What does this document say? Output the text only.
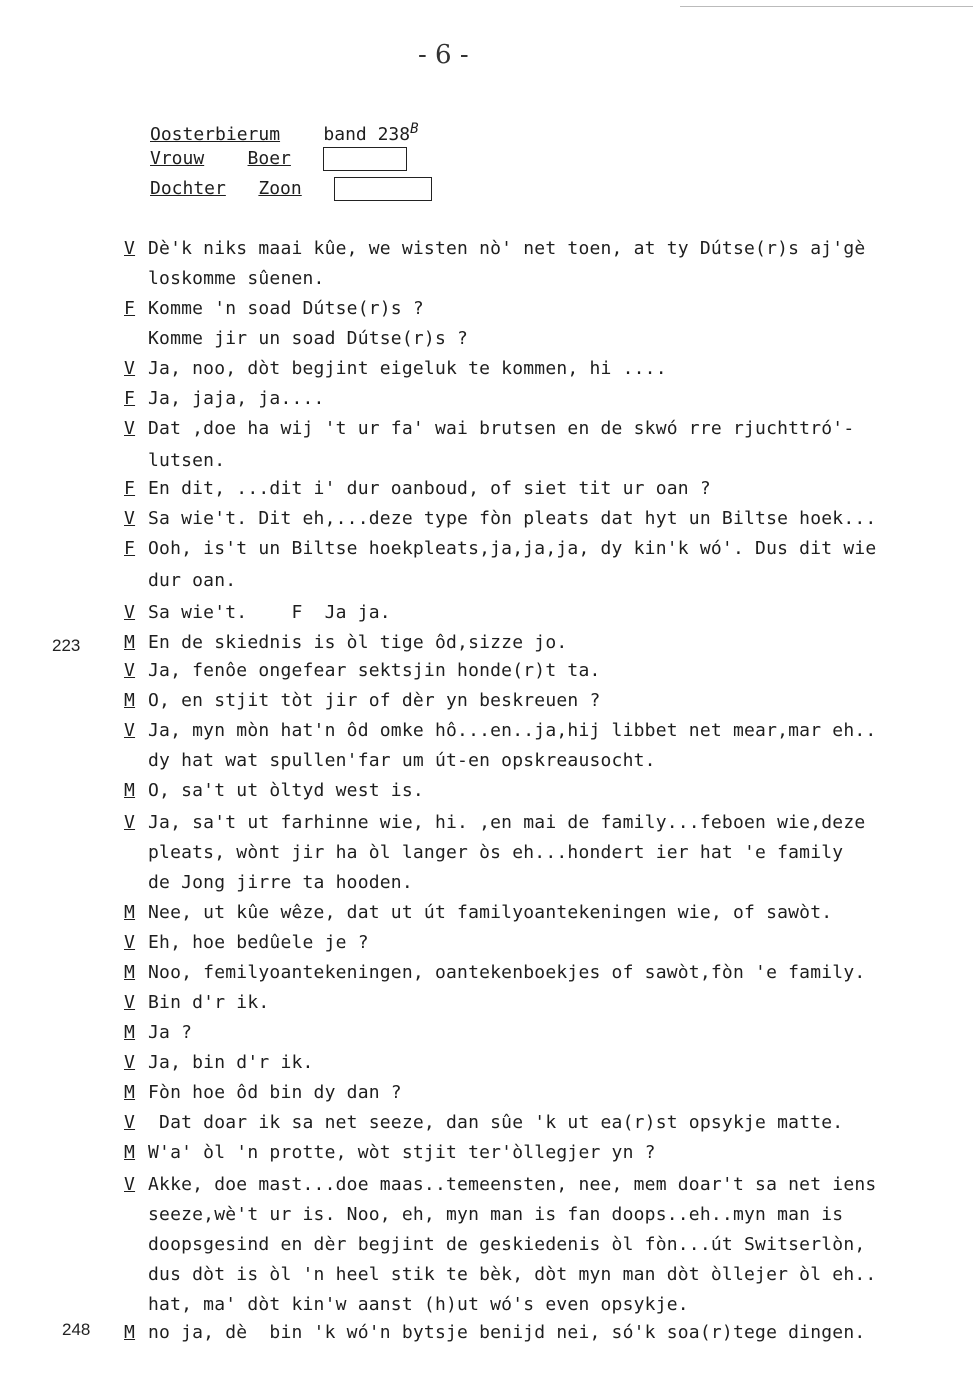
- 6 -
Oosterbierum band $238^B$
Vrouw Boer
Dochter Zoon
223
248
V Dè'k niks maai kûe, we wisten nò' net toen, at ty Dútse(r)s aj'gè
loskomme sûenen.
F Komme 'n soad Dútse(r)s ?
Komme jir un soad Dútse(r)s ?
V Ja, noo, dòt begjint eigeluk te kommen, hi ....
F Ja, jaja, ja....
V Dat ,doe ha wij 't ur fa' wai brutsen en de skwó rre rjuchttró'-
lutsen.
F En dit, ...dit i' dur oanboud, of siet tit ur oan ?
V Sa wie't. Dit eh,...deze type fòn pleats dat hyt un Biltse hoek...
F Ooh, is't un Biltse hoekpleats,ja,ja,ja, dy kin'k wó'. Dus dit wie
dur oan.
V Sa wie't.    F  Ja ja.
M En de skiednis is òl tige ôd,sizze jo.
V Ja, fenôe ongefear sektsjin honde(r)t ta.
M O, en stjit tòt jir of dèr yn beskreuen ?
V Ja, myn mòn hat'n ôd omke hô...en..ja,hij libbet net mear,mar eh..
dy hat wat spullen'far um út-en opskreausocht.
M O, sa't ut òltyd west is.
V Ja, sa't ut farhinne wie, hi. ,en mai de family...feboen wie,deze
pleats, wònt jir ha òl langer òs eh...hondert ier hat 'e family
de Jong jirre ta hooden.
M Nee, ut kûe wêze, dat ut út familyoantekeningen wie, of sawòt.
V Eh, hoe bedûele je ?
M Noo, femilyoantekeningen, oantekenboekjes of sawòt,fòn 'e family.
V Bin d'r ik.
M Ja ?
V Ja, bin d'r ik.
M Fòn hoe ôd bin dy dan ?
V Dat doar ik sa net seeze, dan sûe 'k ut ea(r)st opsykje matte.
M W'a' òl 'n protte, wòt stjit ter'òllegjer yn ?
V Akke, doe mast...doe maas..temeensten, nee, mem doar't sa net iens
seeze,wè't ur is. Noo, eh, myn man is fan doops..eh..myn man is
doopsgesind en dèr begjint de geskiedenis òl fòn...út Switserlòn,
dus dòt is òl 'n heel stik te bèk, dòt myn man dòt òllejer òl eh..
hat, ma' dòt kin'w aanst (h)ut wó's even opsykje.
M no ja, dè  bin 'k wó'n bytsje benijd nei, só'k soa(r)tege dingen.
